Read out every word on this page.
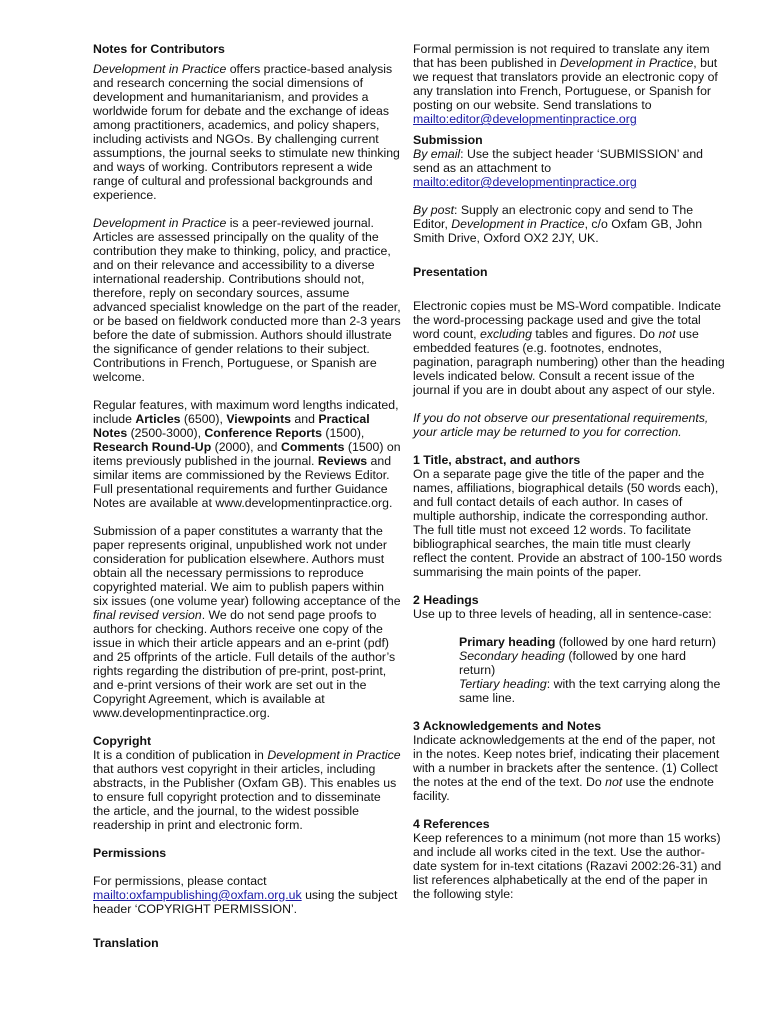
Notes for Contributors

Development in Practice offers practice-based analysis and research concerning the social dimensions of development and humanitarianism, and provides a worldwide forum for debate and the exchange of ideas among practitioners, academics, and policy shapers, including activists and NGOs. By challenging current assumptions, the journal seeks to stimulate new thinking and ways of working. Contributors represent a wide range of cultural and professional backgrounds and experience.

Development in Practice is a peer-reviewed journal. Articles are assessed principally on the quality of the contribution they make to thinking, policy, and practice, and on their relevance and accessibility to a diverse international readership. Contributions should not, therefore, reply on secondary sources, assume advanced specialist knowledge on the part of the reader, or be based on fieldwork conducted more than 2-3 years before the date of submission. Authors should illustrate the significance of gender relations to their subject. Contributions in French, Portuguese, or Spanish are welcome.

Regular features, with maximum word lengths indicated, include Articles (6500), Viewpoints and Practical Notes (2500-3000), Conference Reports (1500), Research Round-Up (2000), and Comments (1500) on items previously published in the journal. Reviews and similar items are commissioned by the Reviews Editor. Full presentational requirements and further Guidance Notes are available at www.developmentinpractice.org.

Submission of a paper constitutes a warranty that the paper represents original, unpublished work not under consideration for publication elsewhere. Authors must obtain all the necessary permissions to reproduce copyrighted material. We aim to publish papers within six issues (one volume year) following acceptance of the final revised version. We do not send page proofs to authors for checking. Authors receive one copy of the issue in which their article appears and an e-print (pdf) and 25 offprints of the article. Full details of the author’s rights regarding the distribution of pre-print, post-print, and e-print versions of their work are set out in the Copyright Agreement, which is available at www.developmentinpractice.org.

Copyright

It is a condition of publication in Development in Practice that authors vest copyright in their articles, including abstracts, in the Publisher (Oxfam GB). This enables us to ensure full copyright protection and to disseminate the article, and the journal, to the widest possible readership in print and electronic form.

Permissions

For permissions, please contact mailto:oxfampublishing@oxfam.org.uk using the subject header ‘COPYRIGHT PERMISSION’.

Translation

Formal permission is not required to translate any item that has been published in Development in Practice, but we request that translators provide an electronic copy of any translation into French, Portuguese, or Spanish for posting on our website. Send translations to
mailto:editor@developmentinpractice.org

Submission

By email: Use the subject header ‘SUBMISSION’ and send as an attachment to
mailto:editor@developmentinpractice.org

By post: Supply an electronic copy and send to The Editor, Development in Practice, c/o Oxfam GB, John Smith Drive, Oxford OX2 2JY, UK.

Presentation

Electronic copies must be MS-Word compatible. Indicate the word-processing package used and give the total word count, excluding tables and figures. Do not use embedded features (e.g. footnotes, endnotes, pagination, paragraph numbering) other than the heading levels indicated below. Consult a recent issue of the journal if you are in doubt about any aspect of our style.

If you do not observe our presentational requirements, your article may be returned to you for correction.

1 Title, abstract, and authors

On a separate page give the title of the paper and the names, affiliations, biographical details (50 words each), and full contact details of each author. In cases of multiple authorship, indicate the corresponding author. The full title must not exceed 12 words. To facilitate bibliographical searches, the main title must clearly reflect the content. Provide an abstract of 100-150 words summarising the main points of the paper.

2 Headings

Use up to three levels of heading, all in sentence-case:

Primary heading (followed by one hard return)

Secondary heading (followed by one hard return)

Tertiary heading: with the text carrying along the same line.

3 Acknowledgements and Notes

Indicate acknowledgements at the end of the paper, not in the notes. Keep notes brief, indicating their placement with a number in brackets after the sentence. (1) Collect the notes at the end of the text. Do not use the endnote facility.

4 References

Keep references to a minimum (not more than 15 works) and include all works cited in the text. Use the author-date system for in-text citations (Razavi 2002:26-31) and list references alphabetically at the end of the paper in the following style:
